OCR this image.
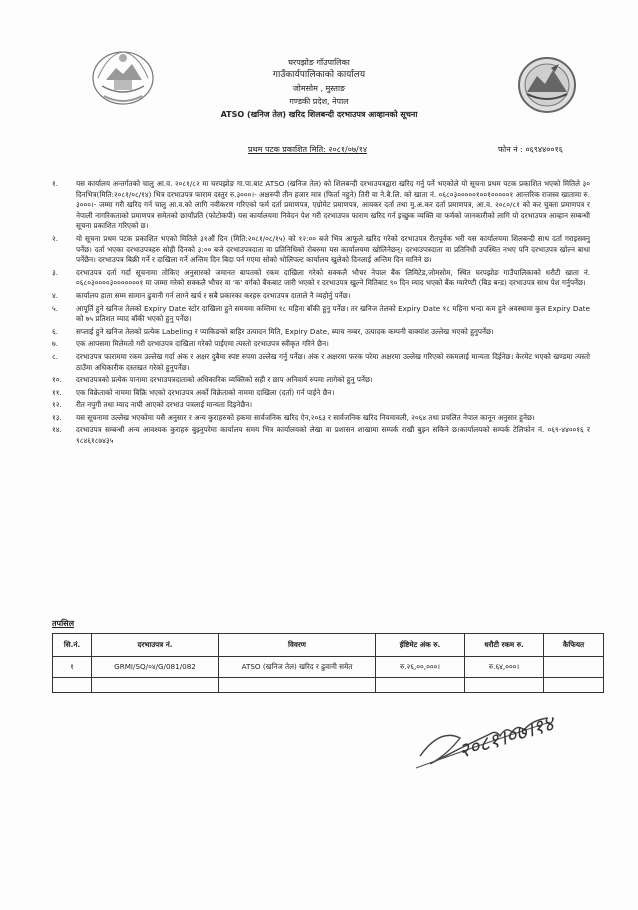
घरपझोङ गाँउपालिका
गाउँकार्यपालिकाको कार्यालय
जोमसोम , मुस्ताङ
गण्डकी प्रदेश, नेपाल
ATSO (खनिज तेल) खरिद शिलबन्दी दरभाउपत्र आव्हानको सूचना
प्रथम पटक प्रकाशित मिति: २०८१/०७/१४	फोन नं : ०६९४४००१६
१.	यस कार्यालय अन्तर्गतको चालु आ.व. २०८१/८२ मा घरपझोङ गा.पा.बाट ATSO (खनिज तेल) को शिलबन्दी दरभाउपत्रद्वारा खरिद गर्नु पर्ने भएकोले यो सूचना प्रथम पटक प्रकाशित भएको मितिले ३० दिनभित्र(मिति:२०८१/०८/१४) भित्र दरभाउपत्र फाराम दस्तुर रु.३०००।- अक्षरुपी तीन हजार मात्र (फिर्ता नहुने) तिरी वा ने.बै.लि. को खाता नं. ०६८०३०००००१००१०००००१ आन्तरिक राजस्व खातामा रु. ३०००।- जम्मा गरी खरिद गर्न चालु आ.व.को लागि नवीकरण गरिएको फर्म दर्ता प्रमाणपत्र, एग्रोमेट प्रमाणपत्र, आयकर दर्ता तथा मु.अ.कर दर्ता प्रमाणपत्र, आ.व. २०८०/८१ को कर चुक्ता प्रमाणपत्र र नेपाली नागरिकताको प्रमाणपत्र समेतको छायाँप्रति (फोटोकपी) यस कार्यालयमा निवेदन पेश गरी दरभाउपत्र फाराम खरिद गर्न इच्छुक व्यक्ति वा फर्मको जानकारीको लागि यो दरभाउपत्र आव्हान सम्बन्धी सूचना प्रकाशित गरिएको छ।
२.	यो सूचना प्रथम पटक प्रकाशित भएको मितिले ३१औं दिन (मिति:२०८१/०८/१५) को १२:०० बजे भित्र आफूले खरिद गरेको दरभाउपत्र रीतपूर्वक भरी यस कार्यालयमा शिलबन्दी साथ दर्ता गराइसक्नु पर्नेछ। दर्ता भएका दरभाउपत्रहरु सोही दिनको ३:०० बजे दरभाउपत्रदाता वा प्रतिनिधिको रोबरुमा यस कार्यालयमा खोलिनेछन्। दरभाउपत्रदाता वा प्रतिनिधी उपस्थित नभए पनि दरभाउपत्र खोल्न बाधा पर्नेछैन। दरभाउपत्र बिक्री गर्ने र दाखिला गर्ने अन्तिम दिन बिदा पर्न गएमा सोको भोलिपल्ट कार्यालय खुलेको दिनलाई अन्तिम दिन मानिने छ।
३.	दरभाउपत्र दर्ता गर्दा सूचनामा तोकिए अनुसारको जमानत बापतको रकम दाखिला गरेको सक्कलै भौचर नेपाल बैंक लिमिटेड,जोमसोम, स्थित घरपझोङ गाउँपालिकाको धरौटी खाता नं. ०६८०३००००३०००००००१ मा जम्मा गरेको सक्कलै भौचर वा 'क' वर्गको बैंकबाट जारी भएको र दरभाउपत्र खुल्ने मितिबाट ९० दिन म्याद भएको बैंक ग्यारेण्टी (बिड बन्ड) दरभाउपत्र साथ पेश गर्नुपर्नेछ।
४.	कार्यालय हाता सम्म सामान ढुवानी गर्न लाग्ने खर्च र सबै प्रकारका करहरु दरभाउपत्र दाताले नै व्यहोर्नु पर्नेछ।
५.	आपूर्ति हुने खनिज तेलको Expiry Date स्टोर दाखिला हुने समयमा कम्तिमा १८ महिना बाँकी हुनु पर्नेछ। तर खनिज तेलको Expiry Date १८ महिना भन्दा कम हुने अवस्थामा कुल Expiry Date को ७५ प्रतिशत म्याद बाँकी भएको हुनु पर्नेछ।
६.	सप्लाई हुने खनिज तेलको प्रत्येक Labeling र प्याकिङको बाहिर उत्पादन मिति, Expiry Date, ब्याच नम्बर, उत्पादक कम्पनी बाक्यांश उल्लेख भएको हुनुपर्नेछ।
७.	एक आपसमा मिलेमतो गरी दरभाउपत्र दाखिला गरेको पाईएमा त्यस्तो दरभाउपत्र स्वीकृत गरिने छैन।
८.	दरभाउपत्र फाराममा रकम उल्लेख गर्दा अंक र अक्षर दुबैमा स्पष्ट रुपमा उल्लेख गर्नु पर्नेछ। अंक र अक्षरमा फरक परेमा अक्षरमा उल्लेख गरिएको रकमलाई मान्यता दिईनेछ। केरमेट भएको खण्डमा त्यस्तो ठाउँमा अधिकारीक दस्तखत गरेको हुनुपर्नेछ।
१०.	दरभाउपत्रको प्रत्येक पानामा दरभाउपत्रदाताको अधिकारिक व्यक्तिको सही र छाप अनिवार्य रुपमा लागेको हुनु पर्नेछ।
११.	एक विक्रेताको नाममा बिक्रि भएको दरभाउपत्र अर्को विक्रेताको नाममा दाखिला (दर्ता) गर्न पाईने छैन।
१२.	रीत नपुगी तथा म्याद नाघी आएको दरभाउ पत्रलाई मान्यता दिइनेछैन।
१३.	यस सूचनामा उल्लेख भएकोमा यसै अनुसार र अन्य कुराहरुको हकमा सार्वजनिक खरिद ऐन,२०६३ र सार्वजनिक खरिद नियमावली, २०६४ तथा प्रचलित नेपाल कानून अनुसार हुनेछ।
१४.	दरभाउपत्र सम्बन्धी अन्य आवश्यक कुराहरु बुझ्नुपरेमा कार्यालय समय भित्र कार्यालयको लेखा वा प्रशासन शाखामा सम्पर्क राखी बुझ्न सकिने छ।कार्यालयको सम्पर्क टेलिफोन नं. ०६९-४४००१६ र ९८४६१८७४३५
तपसिल
सि.नं.	दरभाउपत्र नं.	विवरण	ईष्टिमेट अंक रु.	धरौटी रकम रु.	कैफियत
१	GRMI/SQ/०४/G/081/082	ATSO (खनिज तेल) खरिद र ढुवानी समेत	रु.२६,००,०००।	रु.६४,०००।	

२०८१।०७।१४
